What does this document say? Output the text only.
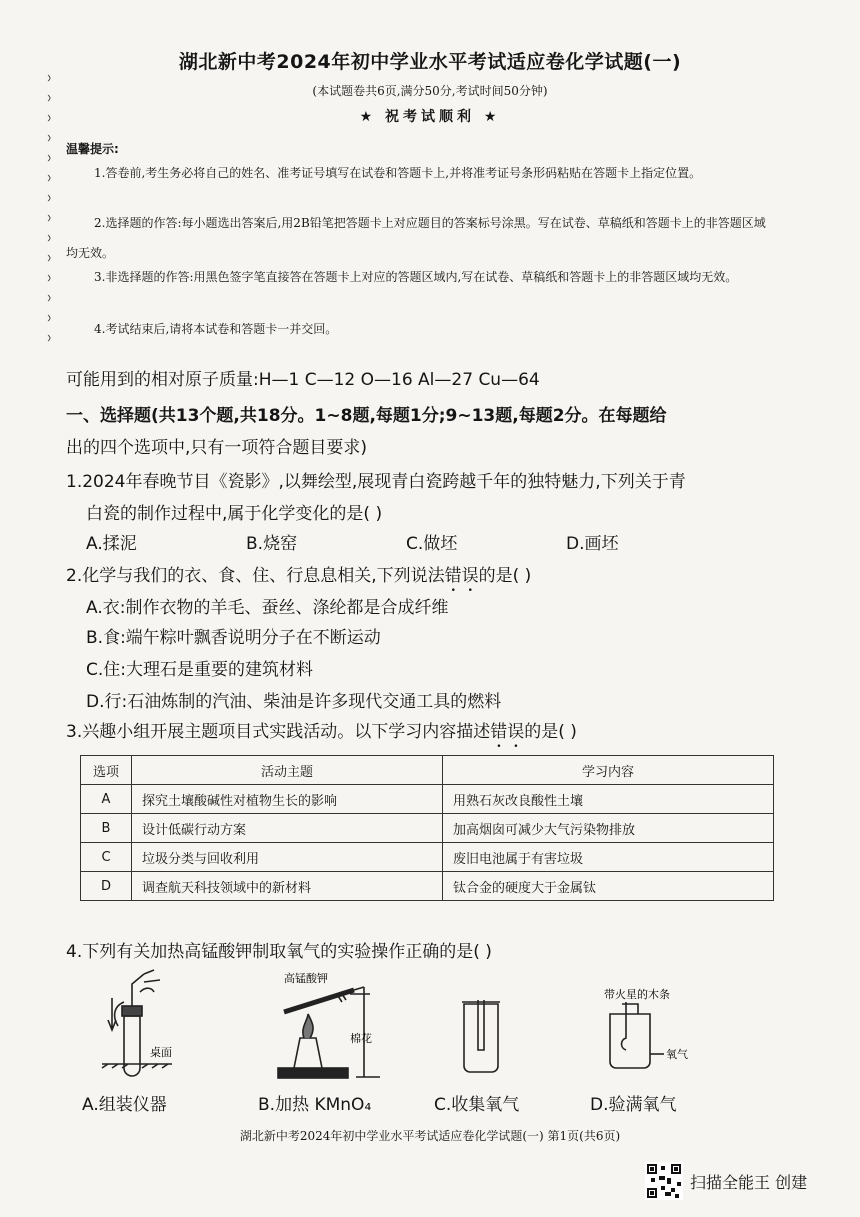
湖北新中考2024年初中学业水平考试适应卷化学试题(一)
(本试题卷共6页,满分50分,考试时间50分钟)
★ 祝考试顺利 ★
温馨提示:
1.答卷前,考生务必将自己的姓名、准考证号填写在试卷和答题卡上,并将准考证号条形码粘贴在答题卡上指定位置。
2.选择题的作答:每小题选出答案后,用2B铅笔把答题卡上对应题目的答案标号涂黑。写在试卷、草稿纸和答题卡上的非答题区域均无效。
3.非选择题的作答:用黑色签字笔直接答在答题卡上对应的答题区域内,写在试卷、草稿纸和答题卡上的非答题区域均无效。
4.考试结束后,请将本试卷和答题卡一并交回。
可能用到的相对原子质量:H—1 C—12 O—16 Al—27 Cu—64
一、选择题(共13个题,共18分。1~8题,每题1分;9~13题,每题2分。在每题给
出的四个选项中,只有一项符合题目要求)
1.2024年春晚节目《瓷影》,以舞绘型,展现青白瓷跨越千年的独特魅力,下列关于青
白瓷的制作过程中,属于化学变化的是( )
A.揉泥	B.烧窑	C.做坯	D.画坯
2.化学与我们的衣、食、住、行息息相关,下列说法错误的是( )
A.衣:制作衣物的羊毛、蚕丝、涤纶都是合成纤维
B.食:端午粽叶飘香说明分子在不断运动
C.住:大理石是重要的建筑材料
D.行:石油炼制的汽油、柴油是许多现代交通工具的燃料
3.兴趣小组开展主题项目式实践活动。以下学习内容描述错误的是( )
选项	活动主题	学习内容
A	探究土壤酸碱性对植物生长的影响	用熟石灰改良酸性土壤
B	设计低碳行动方案	加高烟囱可减少大气污染物排放
C	垃圾分类与回收利用	废旧电池属于有害垃圾
D	调查航天科技领域中的新材料	钛合金的硬度大于金属钛
4.下列有关加热高锰酸钾制取氧气的实验操作正确的是( )
桌面
高锰酸钾
棉花
带火星的木条
氧气
A.组装仪器	B.加热 KMnO₄	C.收集氧气	D.验满氧气
湖北新中考2024年初中学业水平考试适应卷化学试题(一) 第1页(共6页)
扫描全能王 创建
